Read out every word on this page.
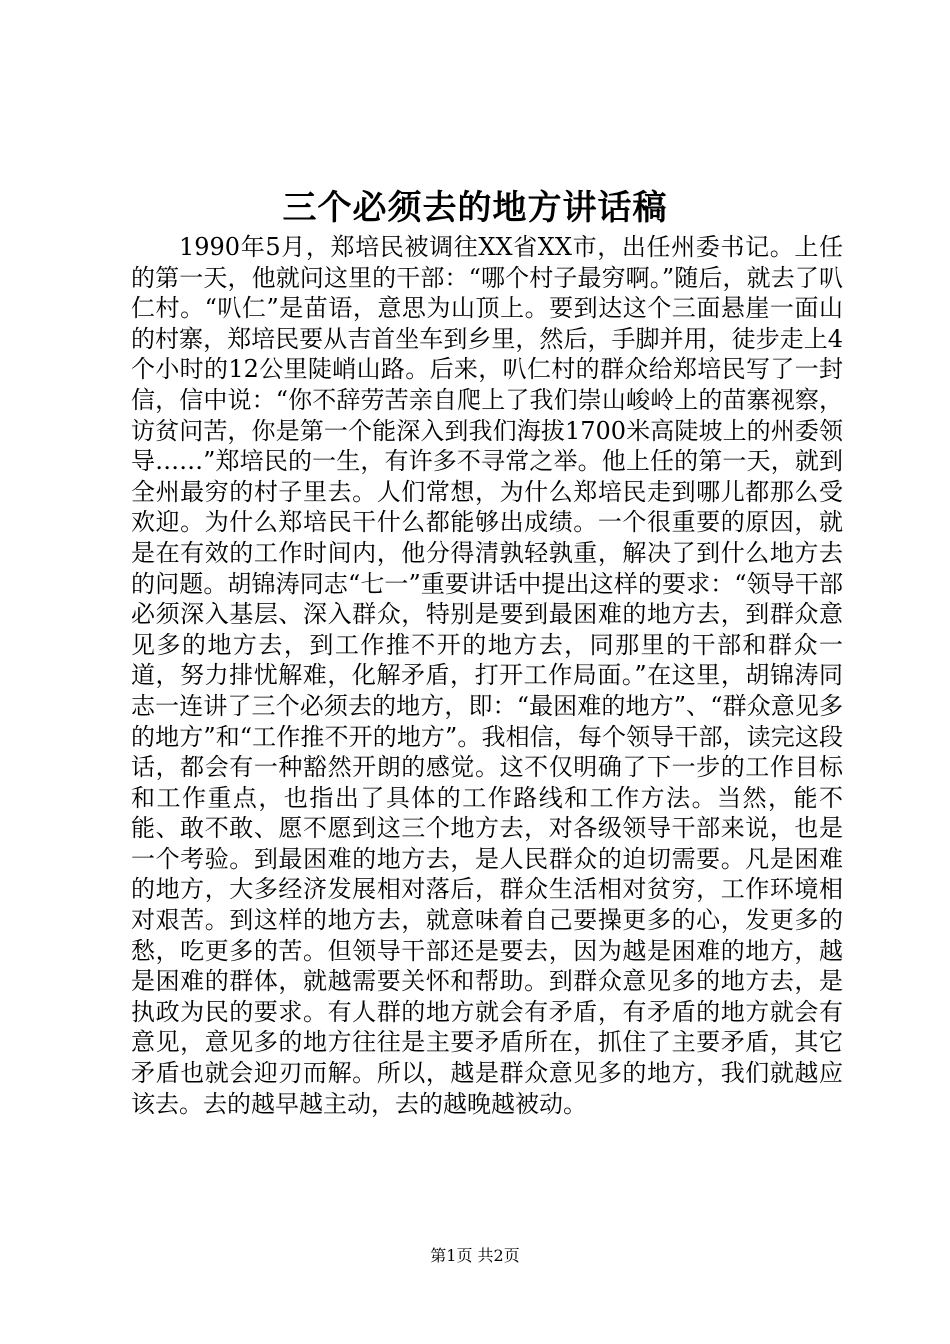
三个必须去的地方讲话稿

1990年5月，郑培民被调往XX省XX市，出任州委书记。上任的第一天，他就问这里的干部：“哪个村子最穷啊。”随后，就去了叭仁村。“叭仁”是苗语，意思为山顶上。要到达这个三面悬崖一面山的村寨，郑培民要从吉首坐车到乡里，然后，手脚并用，徒步走上4个小时的12公里陡峭山路。后来，叭仁村的群众给郑培民写了一封信，信中说：“你不辞劳苦亲自爬上了我们崇山峻岭上的苗寨视察，访贫问苦，你是第一个能深入到我们海拔1700米高陡坡上的州委领导……”郑培民的一生，有许多不寻常之举。他上任的第一天，就到全州最穷的村子里去。人们常想，为什么郑培民走到哪儿都那么受欢迎。为什么郑培民干什么都能够出成绩。一个很重要的原因，就是在有效的工作时间内，他分得清孰轻孰重，解决了到什么地方去的问题。胡锦涛同志“七一”重要讲话中提出这样的要求：“领导干部必须深入基层、深入群众，特别是要到最困难的地方去，到群众意见多的地方去，到工作推不开的地方去，同那里的干部和群众一道，努力排忧解难，化解矛盾，打开工作局面。”在这里，胡锦涛同志一连讲了三个必须去的地方，即：“最困难的地方”、“群众意见多的地方”和“工作推不开的地方”。我相信，每个领导干部，读完这段话，都会有一种豁然开朗的感觉。这不仅明确了下一步的工作目标和工作重点，也指出了具体的工作路线和工作方法。当然，能不能、敢不敢、愿不愿到这三个地方去，对各级领导干部来说，也是一个考验。到最困难的地方去，是人民群众的迫切需要。凡是困难的地方，大多经济发展相对落后，群众生活相对贫穷，工作环境相对艰苦。到这样的地方去，就意味着自己要操更多的心，发更多的愁，吃更多的苦。但领导干部还是要去，因为越是困难的地方，越是困难的群体，就越需要关怀和帮助。到群众意见多的地方去，是执政为民的要求。有人群的地方就会有矛盾，有矛盾的地方就会有意见，意见多的地方往往是主要矛盾所在，抓住了主要矛盾，其它矛盾也就会迎刃而解。所以，越是群众意见多的地方，我们就越应该去。去的越早越主动，去的越晚越被动。

第1页 共2页
